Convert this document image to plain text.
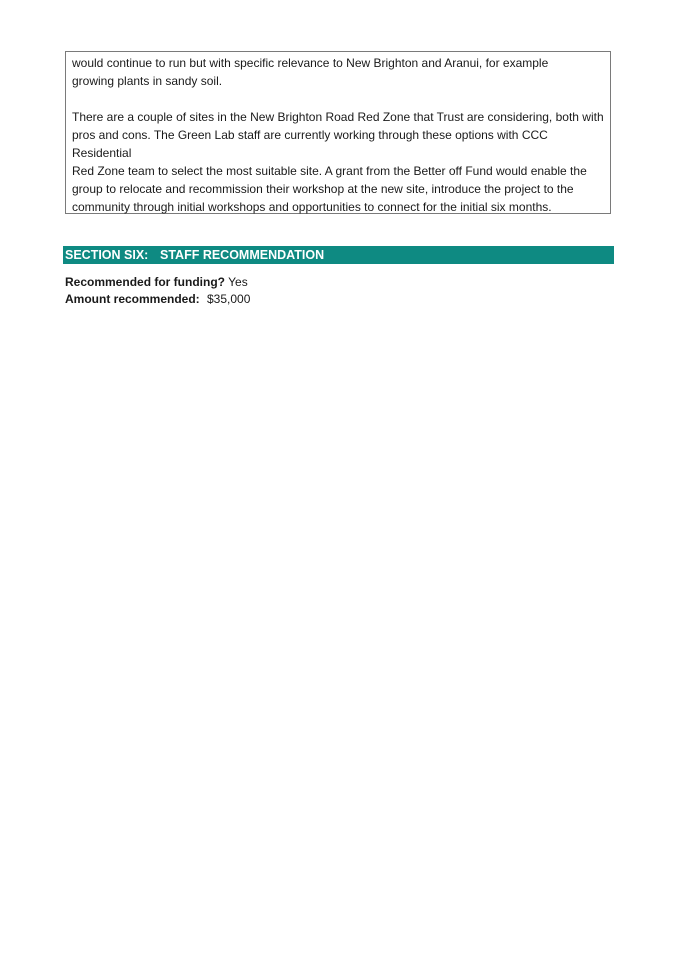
would continue to run but with specific relevance to New Brighton and Aranui, for example
growing plants in sandy soil.

There are a couple of sites in the New Brighton Road Red Zone that Trust are considering, both with
pros and cons. The Green Lab staff are currently working through these options with CCC Residential
Red Zone team to select the most suitable site. A grant from the Better off Fund would enable the
group to relocate and recommission their workshop at the new site, introduce the project to the
community through initial workshops and opportunities to connect for the initial six months.

SECTION SIX: STAFF RECOMMENDATION
Recommended for funding? Yes
Amount recommended: $35,000
